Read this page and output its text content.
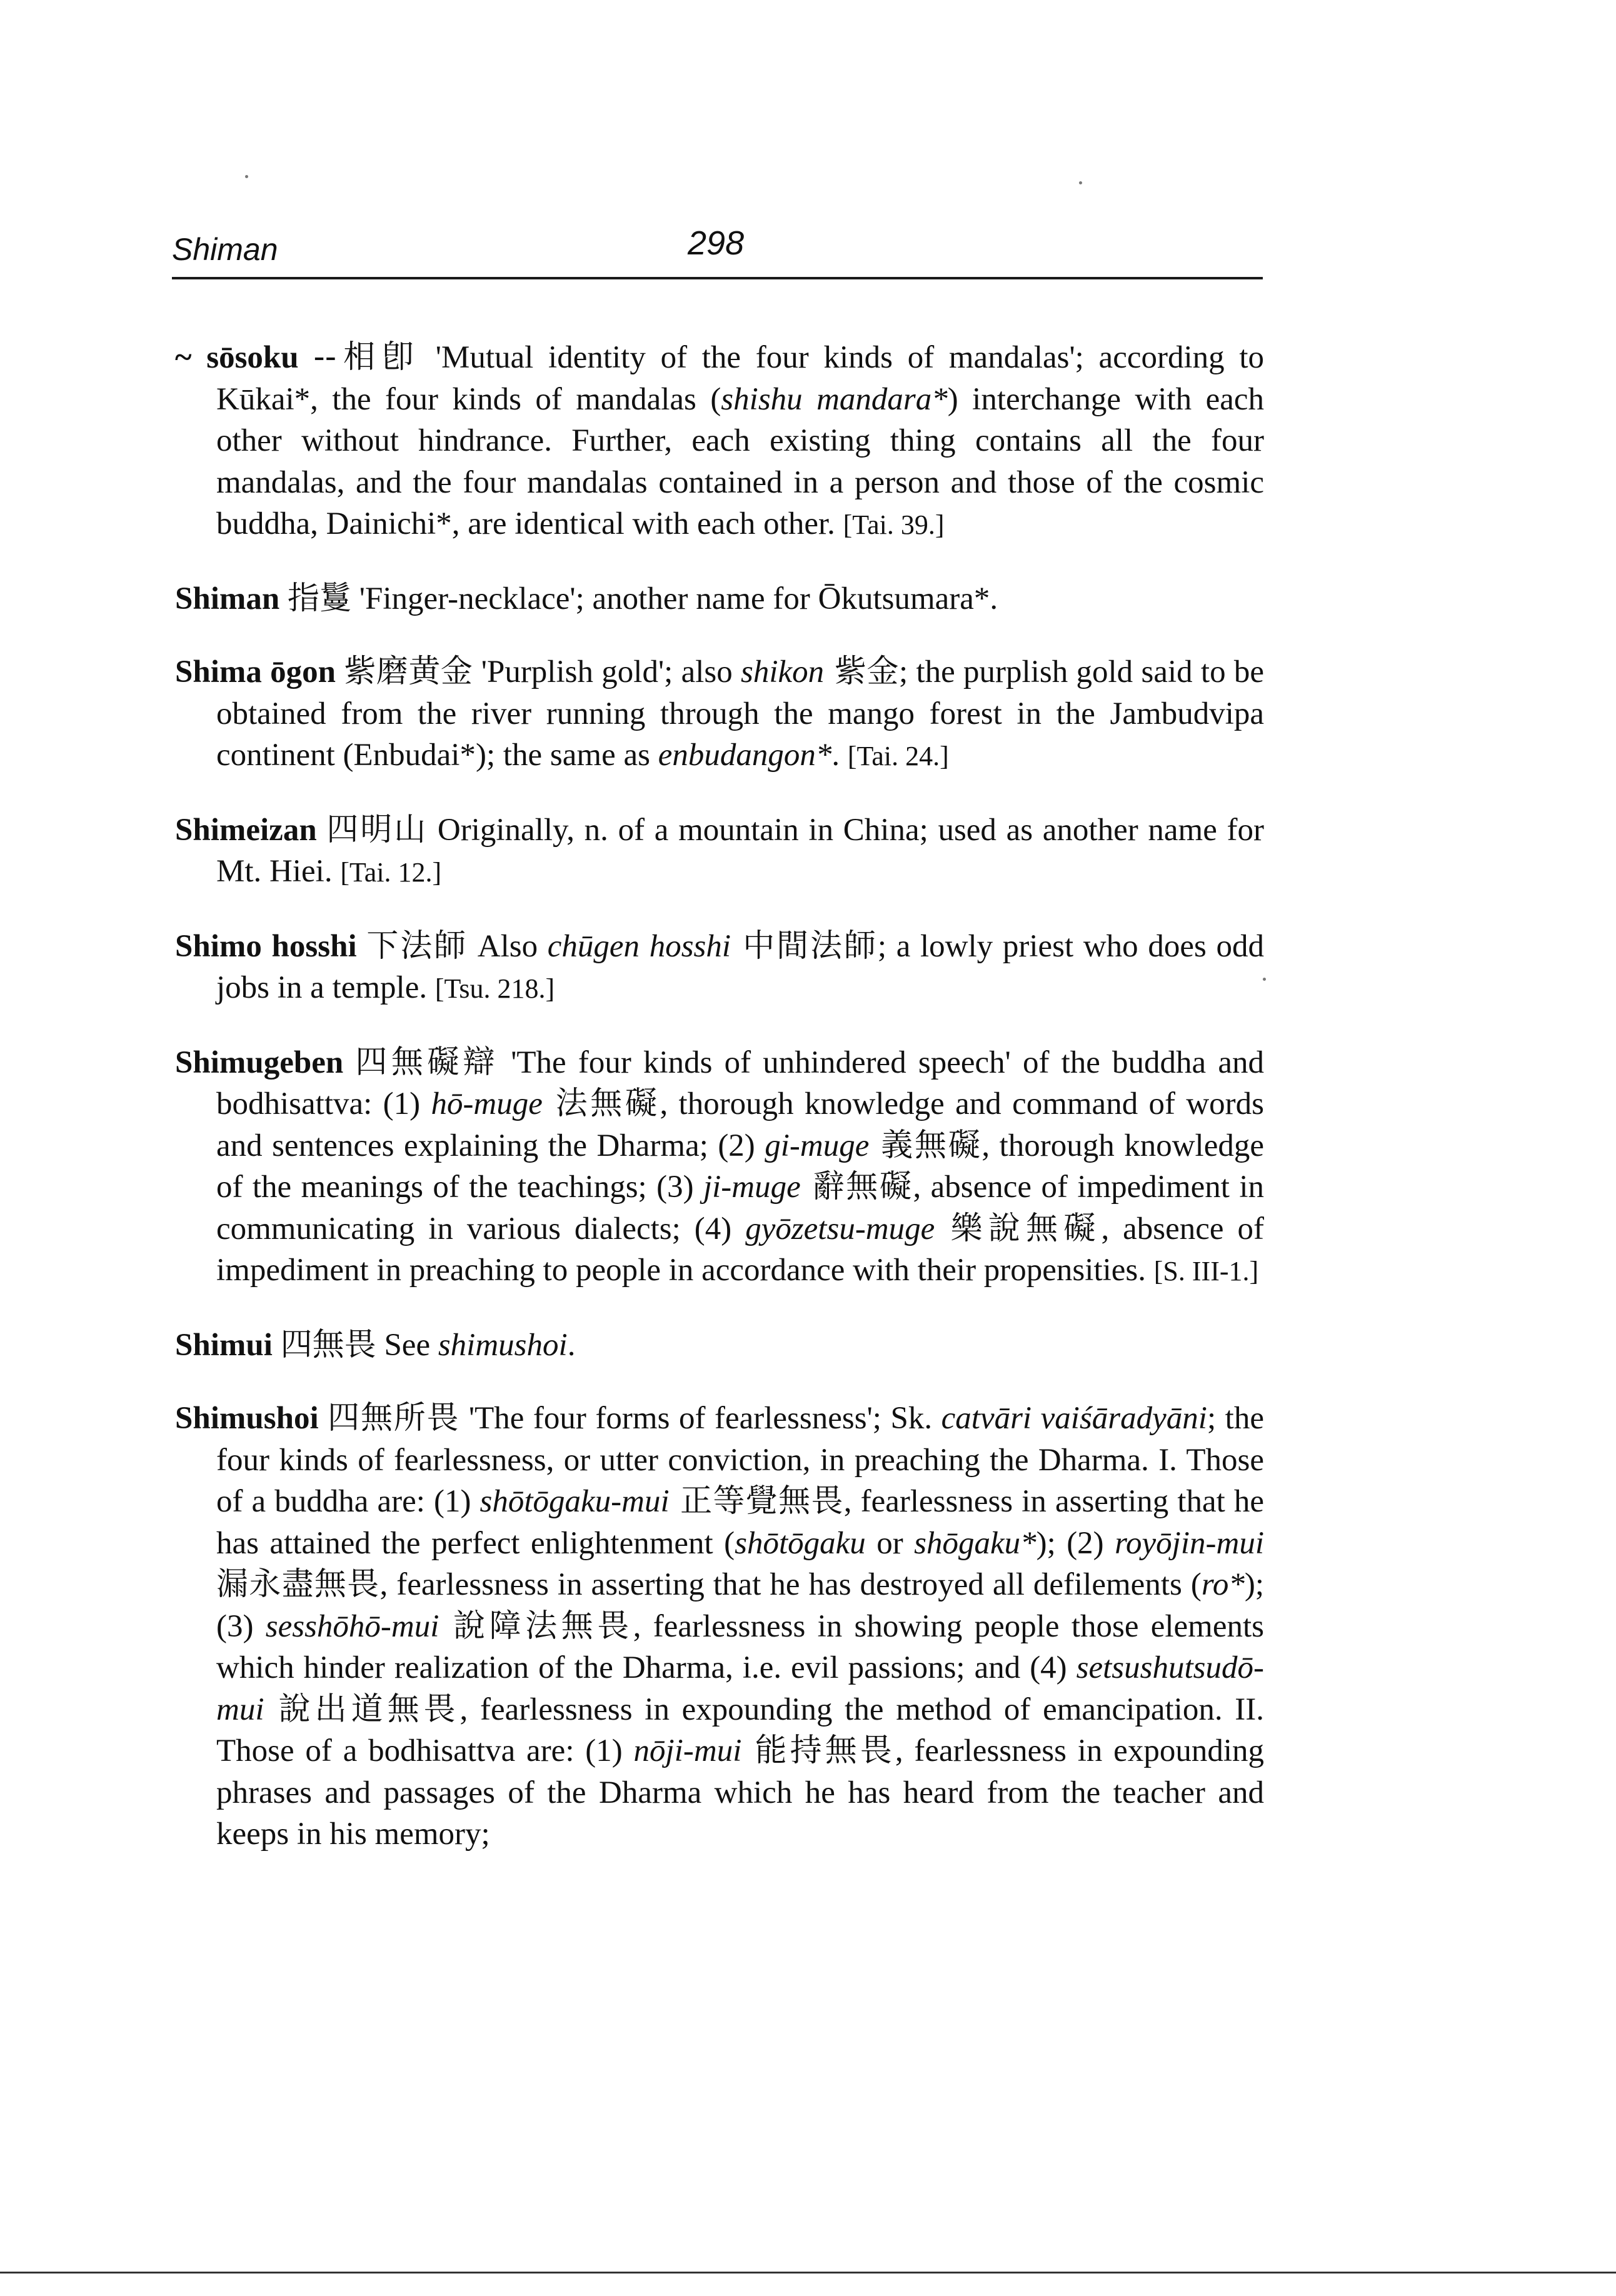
Shiman	298

~ sōsoku --相卽 'Mutual identity of the four kinds of mandalas'; according to Kūkai*, the four kinds of mandalas (shishu mandara*) interchange with each other without hindrance. Further, each existing thing contains all the four mandalas, and the four mandalas contained in a person and those of the cosmic buddha, Dainichi*, are identical with each other. [Tai. 39.]

Shiman 指鬘 'Finger-necklace'; another name for Ōkutsumara*.

Shima ōgon 紫磨黄金 'Purplish gold'; also shikon 紫金; the purplish gold said to be obtained from the river running through the mango forest in the Jambudvipa continent (Enbudai*); the same as enbudangon*. [Tai. 24.]

Shimeizan 四明山 Originally, n. of a mountain in China; used as another name for Mt. Hiei. [Tai. 12.]

Shimo hosshi 下法師 Also chūgen hosshi 中間法師; a lowly priest who does odd jobs in a temple. [Tsu. 218.]

Shimugeben 四無礙辯 'The four kinds of unhindered speech' of the buddha and bodhisattva: (1) hō-muge 法無礙, thorough knowledge and command of words and sentences explaining the Dharma; (2) gi-muge 義無礙, thorough knowledge of the meanings of the teachings; (3) ji-muge 辭無礙, absence of impediment in communicating in various dialects; (4) gyōzetsu-muge 樂說無礙, absence of impediment in preaching to people in accordance with their propensities. [S. III-1.]

Shimui 四無畏 See shimushoi.

Shimushoi 四無所畏 'The four forms of fearlessness'; Sk. catvāri vaiśāradyāni; the four kinds of fearlessness, or utter conviction, in preaching the Dharma. I. Those of a buddha are: (1) shōtōgaku-mui 正等覺無畏, fearlessness in asserting that he has attained the perfect enlightenment (shōtōgaku or shōgaku*); (2) royōjin-mui 漏永盡無畏, fearlessness in asserting that he has destroyed all defilements (ro*); (3) sesshōhō-mui 說障法無畏, fearlessness in showing people those elements which hinder realization of the Dharma, i.e. evil passions; and (4) setsushutsudō-mui 說出道無畏, fearlessness in expounding the method of emancipation. II. Those of a bodhisattva are: (1) nōji-mui 能持無畏, fearlessness in expounding phrases and passages of the Dharma which he has heard from the teacher and keeps in his memory;
